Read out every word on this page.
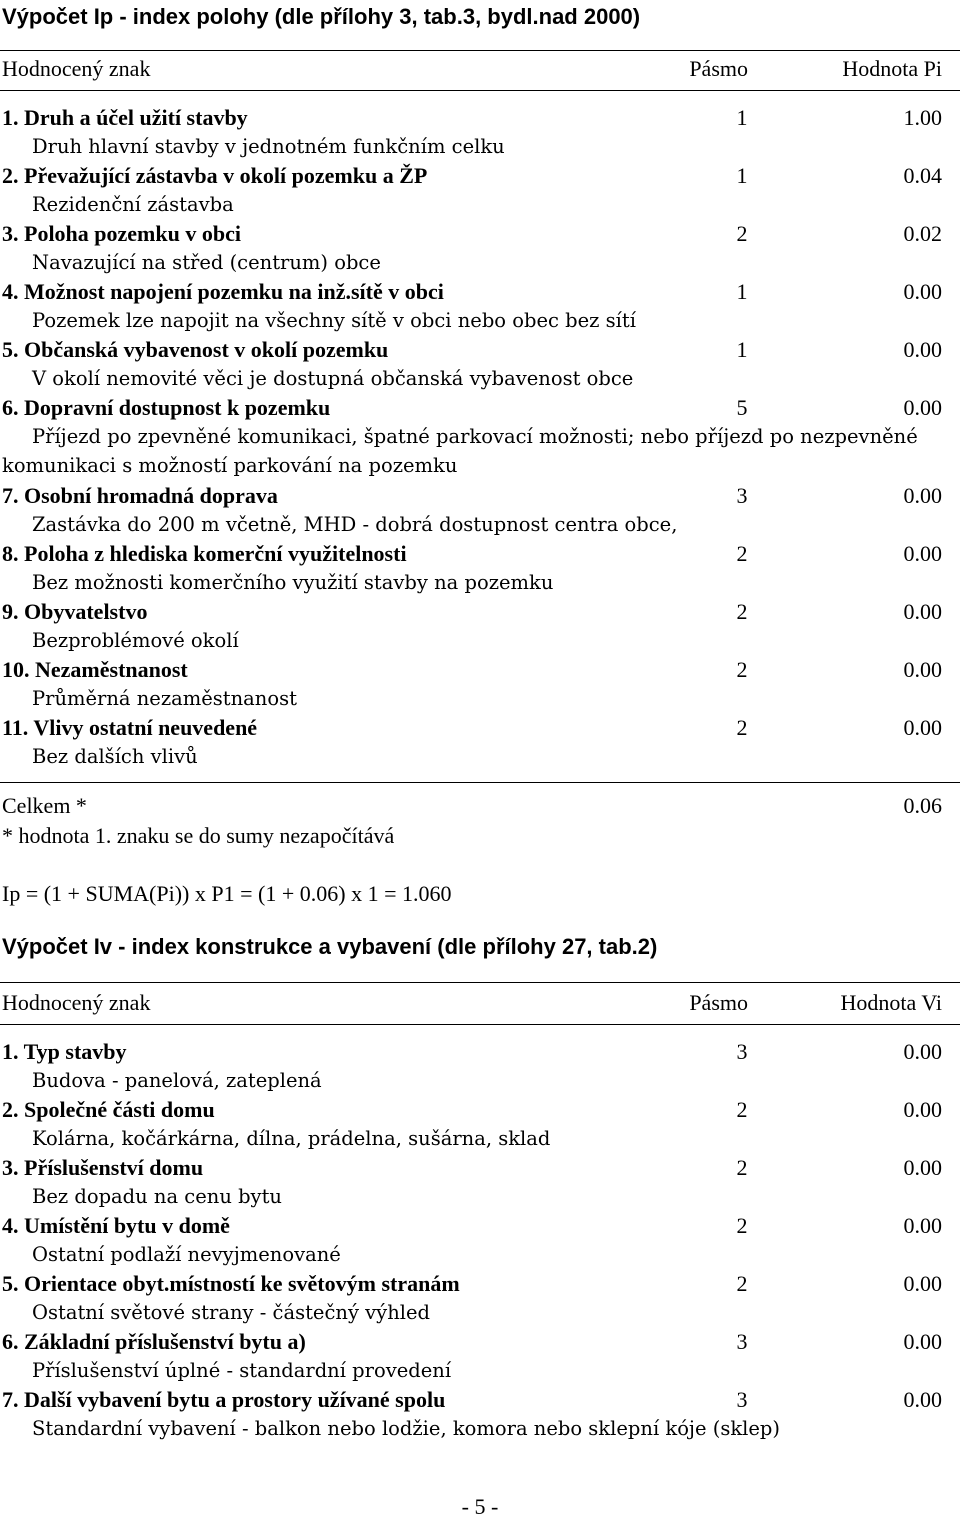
Výpočet Ip - index polohy (dle přílohy 3, tab.3, bydl.nad 2000)
Hodnocený znak	Pásmo	Hodnota Pi
1. Druh a účel užití stavby	1	1.00
Druh hlavní stavby v jednotném funkčním celku
2. Převažující zástavba v okolí pozemku a ŽP	1	0.04
Rezidenční zástavba
3. Poloha pozemku v obci	2	0.02
Navazující na střed (centrum) obce
4. Možnost napojení pozemku na inž.sítě v obci	1	0.00
Pozemek lze napojit na všechny sítě v obci nebo obec bez sítí
5. Občanská vybavenost v okolí pozemku	1	0.00
V okolí nemovité věci je dostupná občanská vybavenost obce
6. Dopravní dostupnost k pozemku	5	0.00
Příjezd po zpevněné komunikaci, špatné parkovací možnosti; nebo příjezd po nezpevněné komunikaci s možností parkování na pozemku
7. Osobní hromadná doprava	3	0.00
Zastávka do 200 m včetně, MHD - dobrá dostupnost centra obce,
8. Poloha z hlediska komerční využitelnosti	2	0.00
Bez možnosti komerčního využití stavby na pozemku
9. Obyvatelstvo	2	0.00
Bezproblémové okolí
10. Nezaměstnanost	2	0.00
Průměrná nezaměstnanost
11. Vlivy ostatní neuvedené	2	0.00
Bez dalších vlivů
Celkem *	0.06
* hodnota 1. znaku se do sumy nezapočítává
Ip = (1 + SUMA(Pi)) x P1 = (1 + 0.06) x 1 = 1.060
Výpočet Iv - index konstrukce a vybavení (dle přílohy 27, tab.2)
Hodnocený znak	Pásmo	Hodnota Vi
1. Typ stavby	3	0.00
Budova - panelová, zateplená
2. Společné části domu	2	0.00
Kolárna, kočárkárna, dílna, prádelna, sušárna, sklad
3. Příslušenství domu	2	0.00
Bez dopadu na cenu bytu
4. Umístění bytu v domě	2	0.00
Ostatní podlaží nevyjmenované
5. Orientace obyt.místností ke světovým stranám	2	0.00
Ostatní světové strany - částečný výhled
6. Základní příslušenství bytu a)	3	0.00
Příslušenství úplné - standardní provedení
7. Další vybavení bytu a prostory užívané spolu	3	0.00
Standardní vybavení - balkon nebo lodžie, komora nebo sklepní kóje (sklep)
- 5 -
